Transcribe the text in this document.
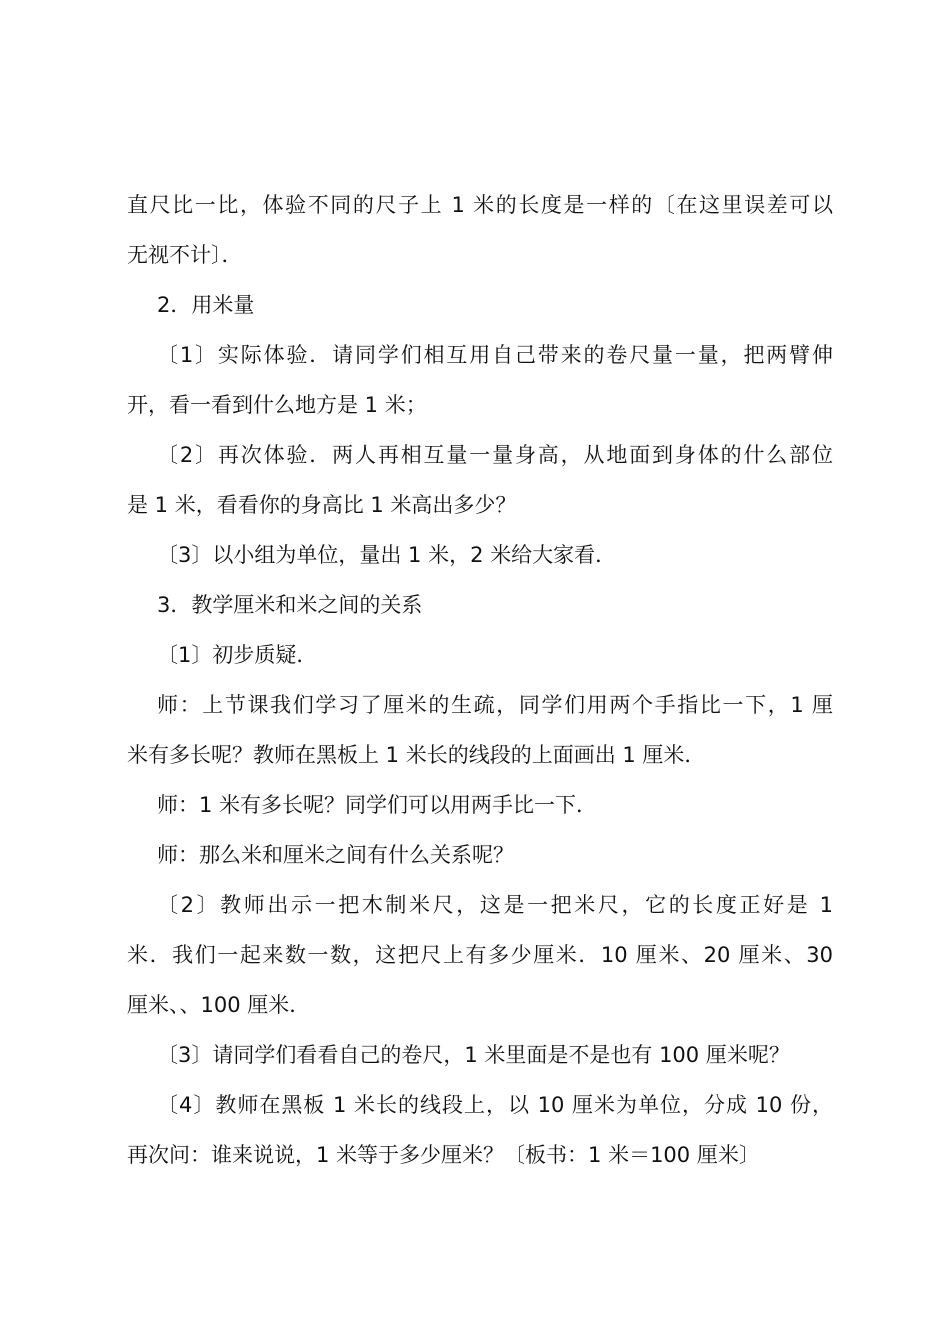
直尺比一比，体验不同的尺子上 1 米的长度是一样的〔在这里误差可以

无视不计〕．

2．用米量

〔1〕实际体验．请同学们相互用自己带来的卷尺量一量，把两臂伸

开，看一看到什么地方是 1 米；

〔2〕再次体验．两人再相互量一量身高，从地面到身体的什么部位

是 1 米，看看你的身高比 1 米高出多少？

〔3〕以小组为单位，量出 1 米，2 米给大家看．

3．教学厘米和米之间的关系

〔1〕初步质疑．

师：上节课我们学习了厘米的生疏，同学们用两个手指比一下，1 厘

米有多长呢？教师在黑板上 1 米长的线段的上面画出 1 厘米．

师：1 米有多长呢？同学们可以用两手比一下．

师：那么米和厘米之间有什么关系呢？

〔2〕教师出示一把木制米尺，这是一把米尺，它的长度正好是 1

米．我们一起来数一数，这把尺上有多少厘米．10 厘米、20 厘米、30

厘米、、100 厘米．

〔3〕请同学们看看自己的卷尺，1 米里面是不是也有 100 厘米呢？

〔4〕教师在黑板 1 米长的线段上，以 10 厘米为单位，分成 10 份，

再次问：谁来说说，1 米等于多少厘米？〔板书：1 米＝100 厘米〕
